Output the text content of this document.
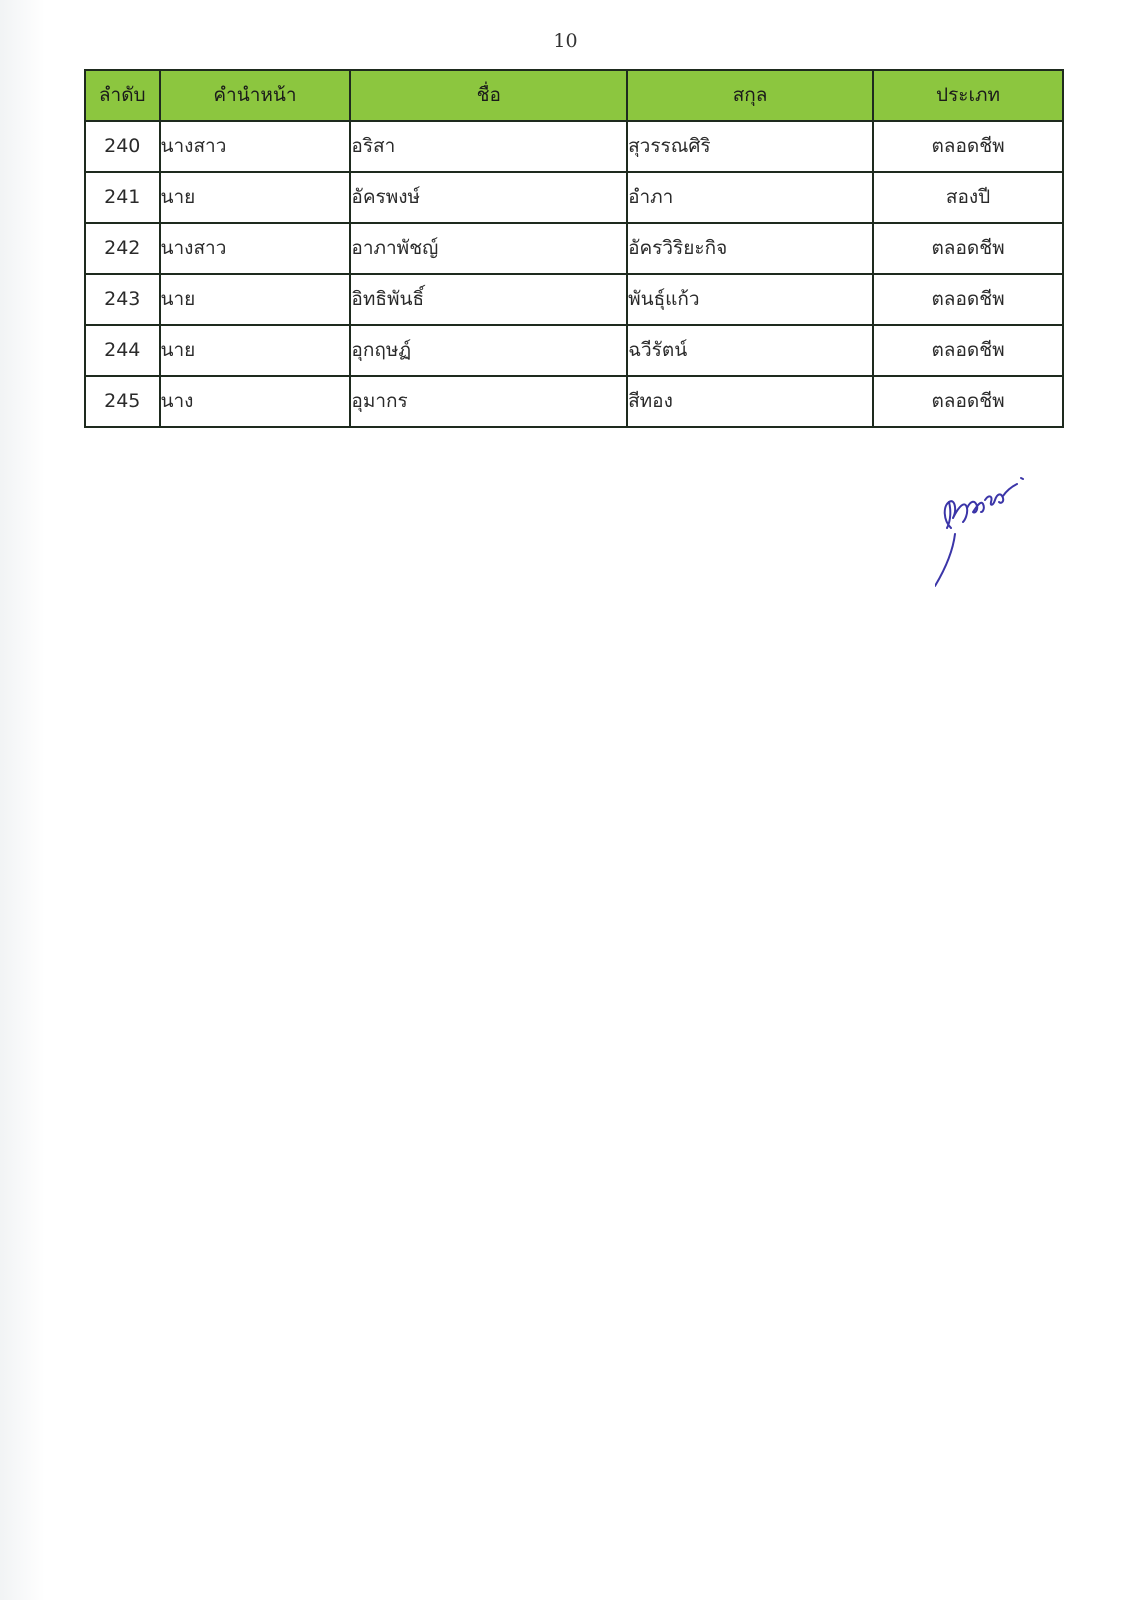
10
ลำดับ	คำนำหน้า	ชื่อ	สกุล	ประเภท
240	นางสาว	อริสา	สุวรรณศิริ	ตลอดชีพ
241	นาย	อัครพงษ์	อำภา	สองปี
242	นางสาว	อาภาพัชญ์	อัครวิริยะกิจ	ตลอดชีพ
243	นาย	อิทธิพันธิ์	พันธุ์แก้ว	ตลอดชีพ
244	นาย	อุกฤษฏ์	ฉวีรัตน์	ตลอดชีพ
245	นาง	อุมากร	สีทอง	ตลอดชีพ
